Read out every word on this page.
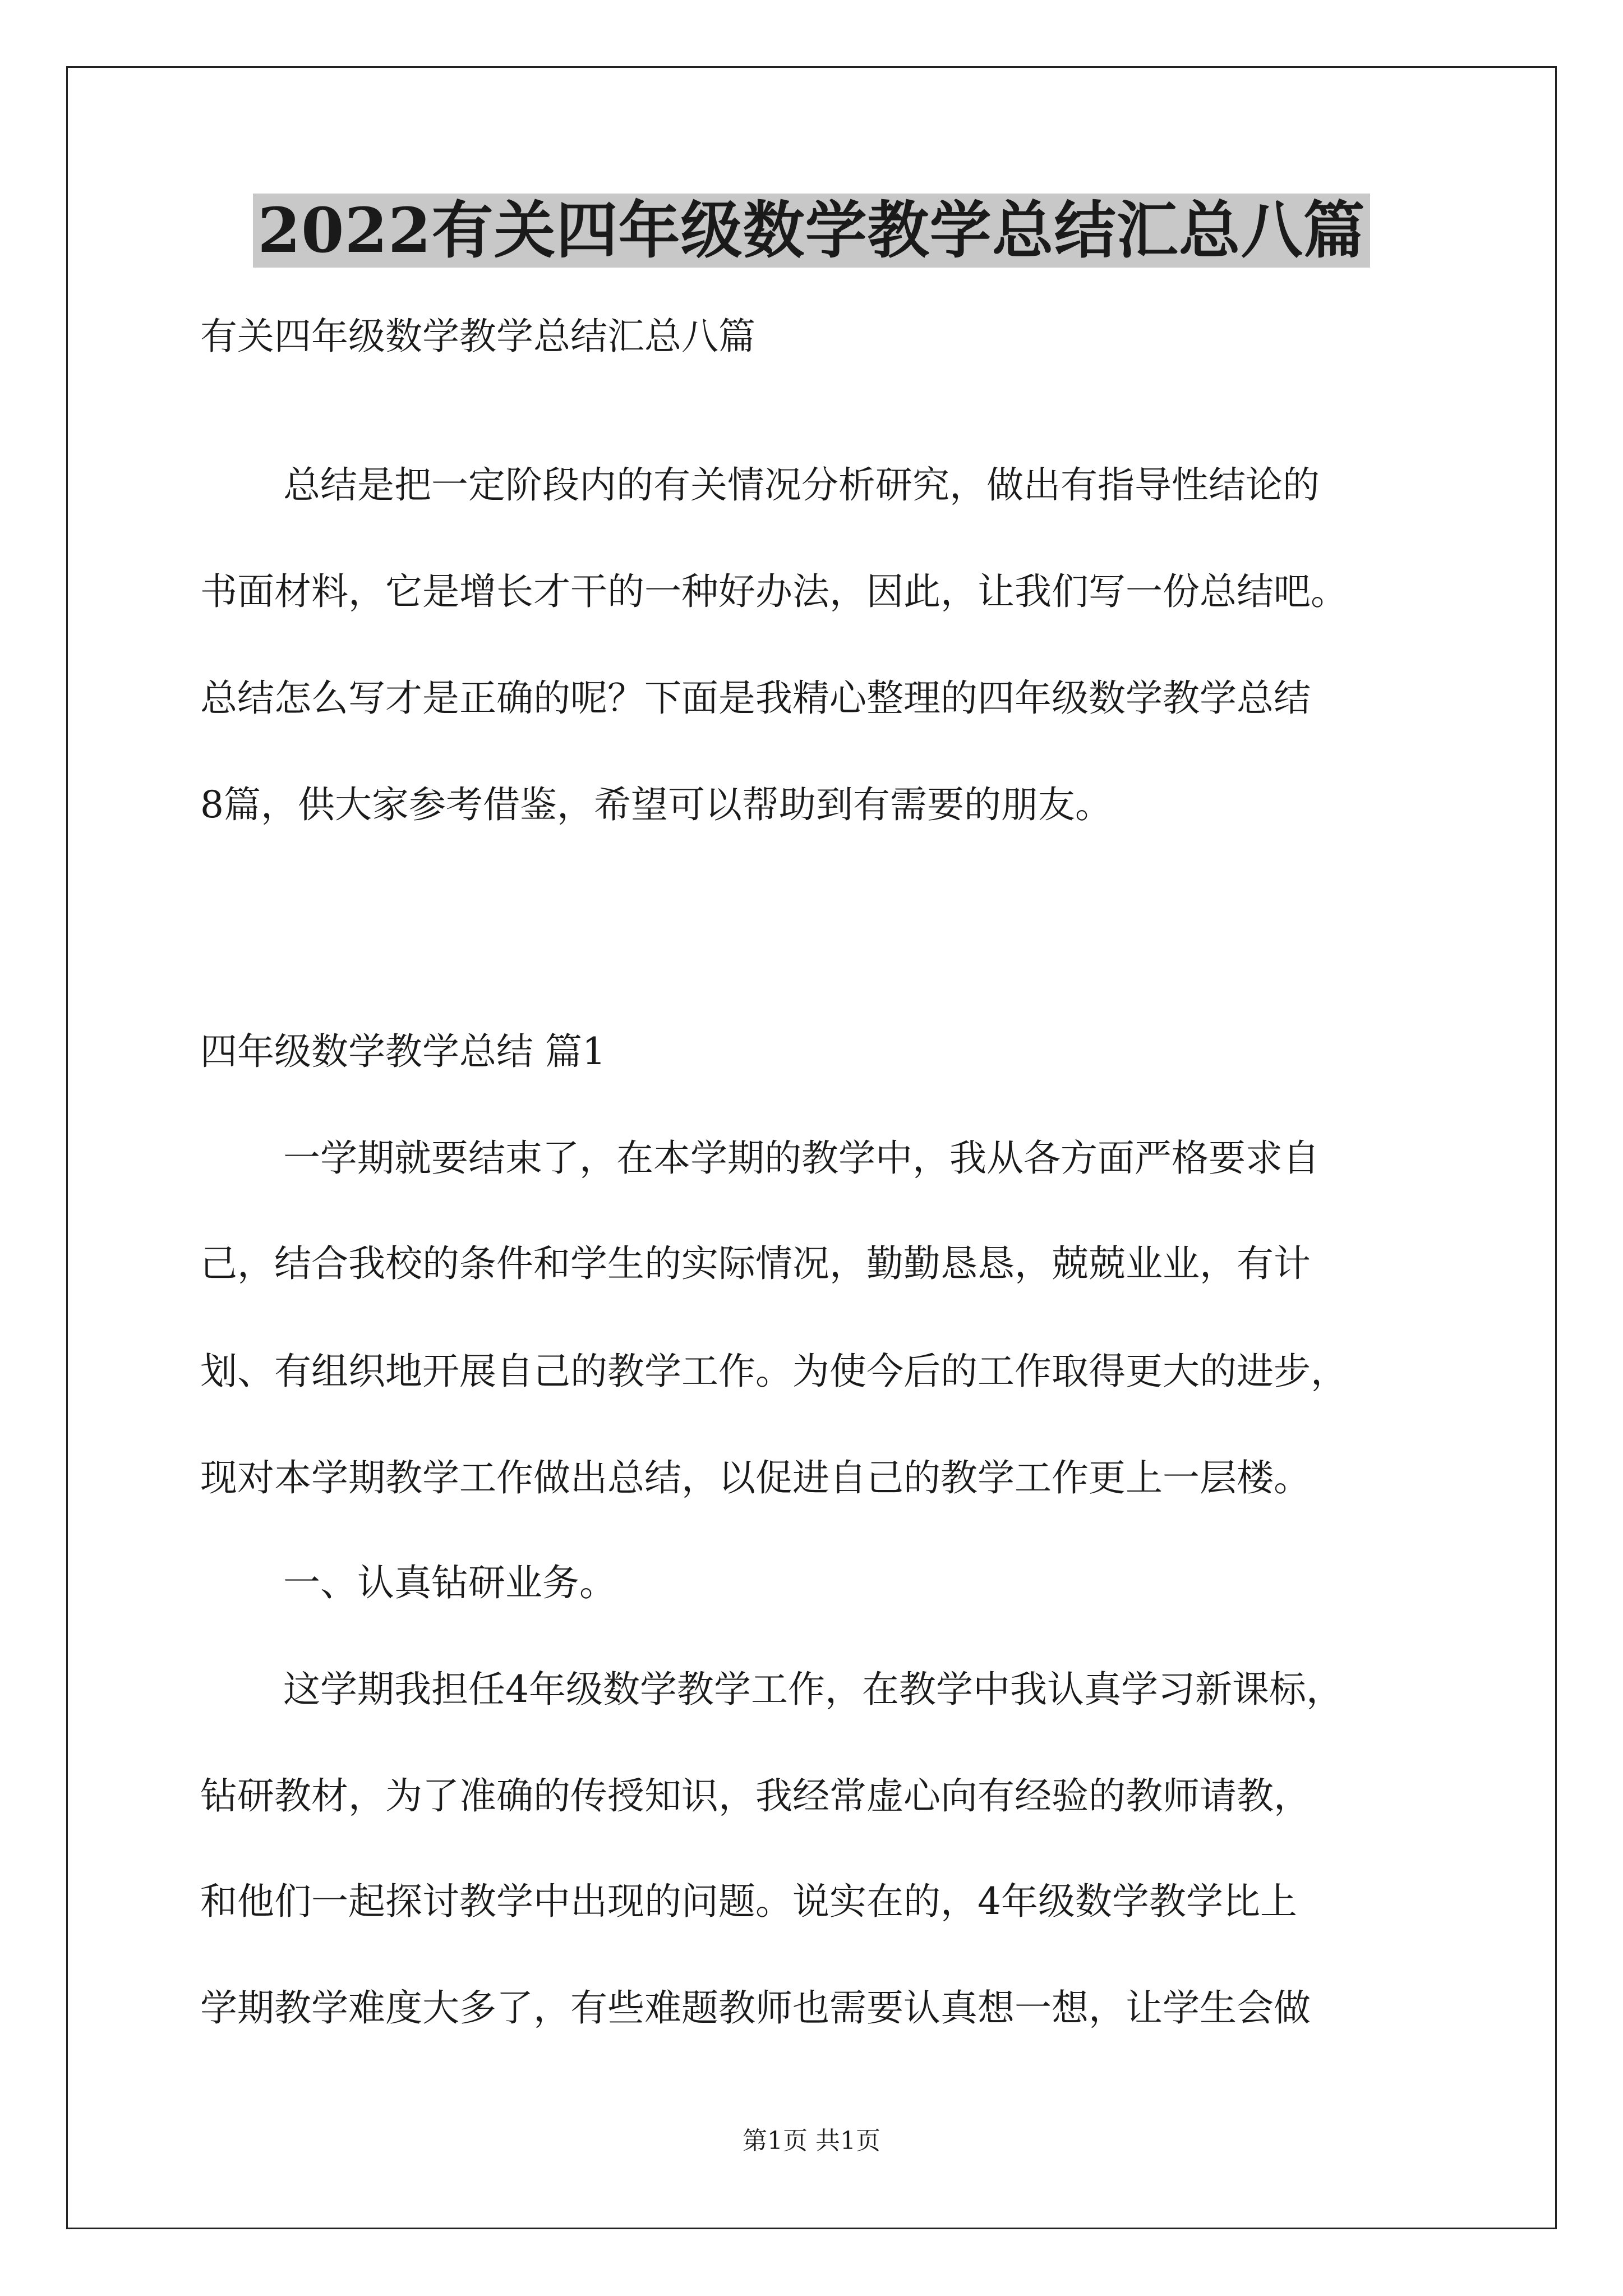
2022有关四年级数学教学总结汇总八篇
有关四年级数学教学总结汇总八篇
总结是把一定阶段内的有关情况分析研究，做出有指导性结论的
书面材料，它是增长才干的一种好办法，因此，让我们写一份总结吧。
总结怎么写才是正确的呢？下面是我精心整理的四年级数学教学总结
8篇，供大家参考借鉴，希望可以帮助到有需要的朋友。
四年级数学教学总结 篇1
一学期就要结束了，在本学期的教学中，我从各方面严格要求自
己，结合我校的条件和学生的实际情况，勤勤恳恳，兢兢业业，有计
划、有组织地开展自己的教学工作。为使今后的工作取得更大的进步，
现对本学期教学工作做出总结，以促进自己的教学工作更上一层楼。
一、认真钻研业务。
这学期我担任4年级数学教学工作，在教学中我认真学习新课标，
钻研教材，为了准确的传授知识，我经常虚心向有经验的教师请教，
和他们一起探讨教学中出现的问题。说实在的，4年级数学教学比上
学期教学难度大多了，有些难题教师也需要认真想一想，让学生会做
第1页 共1页
